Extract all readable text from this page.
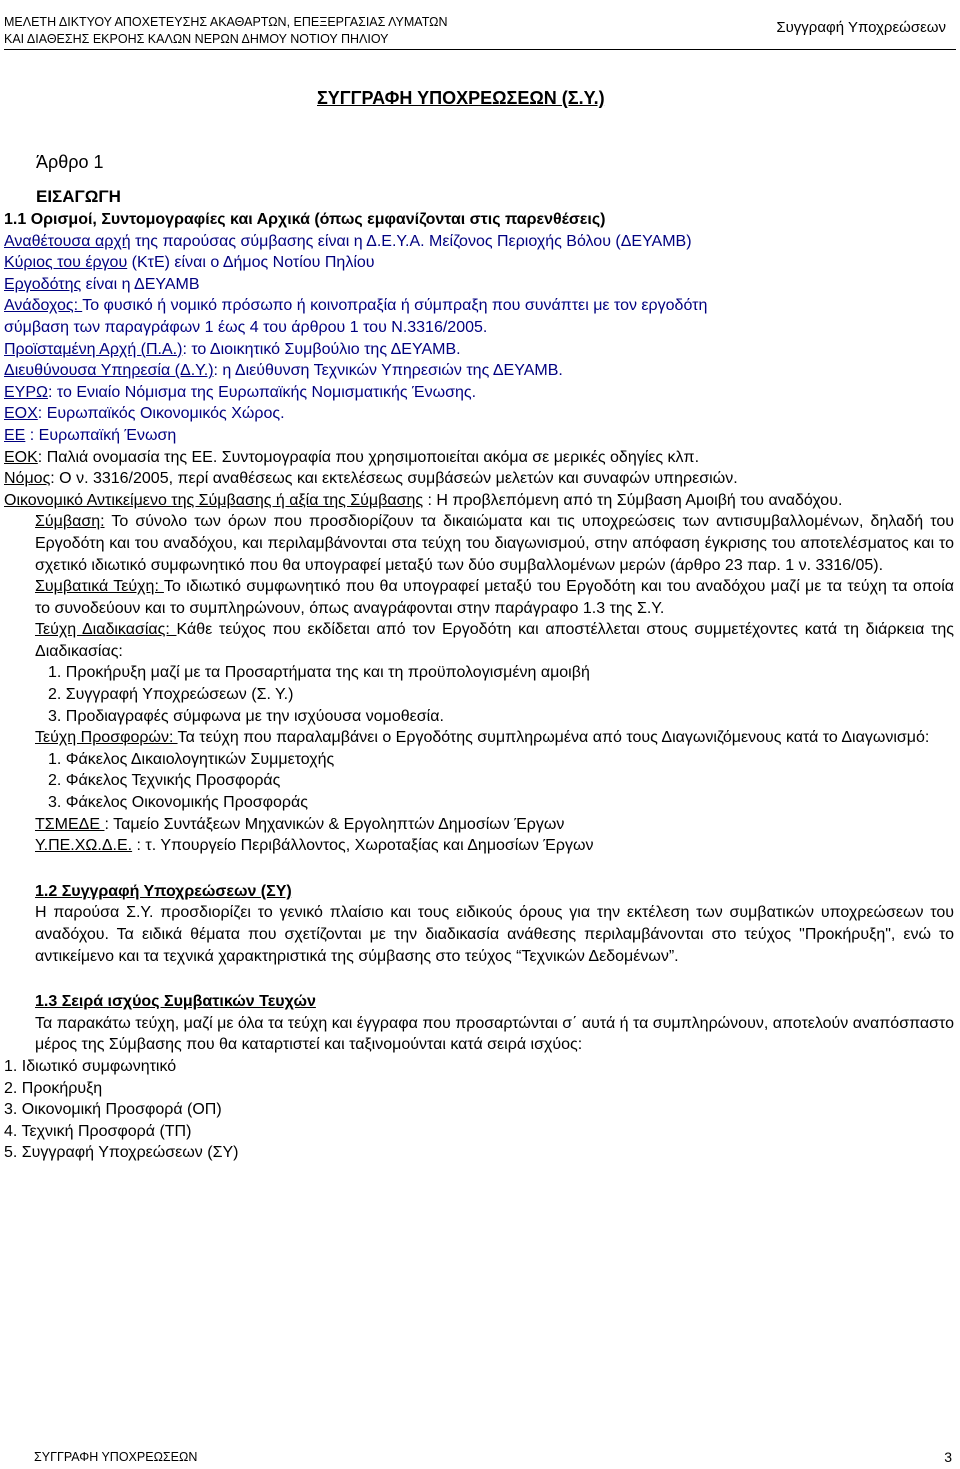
ΜΕΛΕΤΗ ΔΙΚΤΥΟΥ ΑΠΟΧΕΤΕΥΣΗΣ ΑΚΑΘΑΡΤΩΝ, ΕΠΕΞΕΡΓΑΣΙΑΣ ΛΥΜΑΤΩΝ
ΚΑΙ ΔΙΑΘΕΣΗΣ ΕΚΡΟΗΣ ΚΑΛΩΝ ΝΕΡΩΝ ΔΗΜΟΥ ΝΟΤΙΟΥ ΠΗΛΙΟΥ
Συγγραφή Υποχρεώσεων
ΣΥΓΓΡΑΦΗ ΥΠΟΧΡΕΩΣΕΩΝ (Σ.Υ.)
Άρθρο 1
ΕΙΣΑΓΩΓΗ

1.1 Ορισμοί, Συντομογραφίες και Αρχικά (όπως εμφανίζονται στις παρενθέσεις)

Αναθέτουσα αρχή της παρούσας σύμβασης είναι η Δ.Ε.Υ.Α. Μείζονος Περιοχής Βόλου (ΔΕΥΑΜΒ)

Κύριος του έργου (ΚτΕ) είναι ο Δήμος Νοτίου Πηλίου

Εργοδότης είναι η ΔΕΥΑΜΒ

Ανάδοχος: Το φυσικό ή νομικό πρόσωπο ή κοινοπραξία ή σύμπραξη που συνάπτει με τον εργοδότη
σύμβαση των παραγράφων 1 έως 4 του άρθρου 1 του Ν.3316/2005.

Προϊσταμένη Αρχή (Π.Α.): το Διοικητικό Συμβούλιο της ΔΕΥΑΜΒ.

Διευθύνουσα Υπηρεσία (Δ.Υ.): η Διεύθυνση Τεχνικών Υπηρεσιών της ΔΕΥΑΜΒ.

ΕΥΡΩ: το Ενιαίο Νόμισμα της Ευρωπαϊκής Νομισματικής Ένωσης.

ΕΟΧ: Ευρωπαϊκός Οικονομικός Χώρος.

ΕΕ : Ευρωπαϊκή Ένωση

ΕΟΚ: Παλιά ονομασία της ΕΕ. Συντομογραφία που χρησιμοποιείται ακόμα σε μερικές οδηγίες κλπ.

Νόμος: Ο ν. 3316/2005, περί αναθέσεως και εκτελέσεως συμβάσεών μελετών και συναφών υπηρεσιών.

Οικονομικό Αντικείμενο της Σύμβασης ή αξία της Σύμβασης : Η προβλεπόμενη από τη Σύμβαση Αμοιβή του αναδόχου.

Σύμβαση: Το σύνολο των όρων που προσδιορίζουν τα δικαιώματα και τις υποχρεώσεις των αντισυμβαλλομένων, δηλαδή του Εργοδότη και του αναδόχου, και περιλαμβάνονται στα τεύχη του διαγωνισμού, στην απόφαση έγκρισης του αποτελέσματος και το σχετικό ιδιωτικό συμφωνητικό που θα υπογραφεί μεταξύ των δύο συμβαλλομένων μερών (άρθρο 23 παρ. 1 ν. 3316/05).

Συμβατικά Τεύχη: Το ιδιωτικό συμφωνητικό που θα υπογραφεί μεταξύ του Εργοδότη και του αναδόχου μαζί με τα τεύχη τα οποία το συνοδεύουν και το συμπληρώνουν, όπως αναγράφονται στην παράγραφο 1.3 της Σ.Υ.

Τεύχη Διαδικασίας: Κάθε τεύχος που εκδίδεται από τον Εργοδότη και αποστέλλεται στους συμμετέχοντες κατά τη διάρκεια της Διαδικασίας:

1. Προκήρυξη μαζί με τα Προσαρτήματα της και τη προϋπολογισμένη αμοιβή

2. Συγγραφή Υποχρεώσεων (Σ. Υ.)

3. Προδιαγραφές σύμφωνα με την ισχύουσα νομοθεσία.

Τεύχη Προσφορών: Τα τεύχη που παραλαμβάνει ο Εργοδότης συμπληρωμένα από τους Διαγωνιζόμενους κατά το Διαγωνισμό:

1. Φάκελος Δικαιολογητικών Συμμετοχής

2. Φάκελος Τεχνικής Προσφοράς

3. Φάκελος Οικονομικής Προσφοράς

ΤΣΜΕΔΕ : Ταμείο Συντάξεων Μηχανικών & Εργοληπτών Δημοσίων Έργων

Υ.ΠΕ.ΧΩ.Δ.Ε. : τ. Υπουργείο Περιβάλλοντος, Χωροταξίας και Δημοσίων Έργων

1.2 Συγγραφή Υποχρεώσεων (ΣΥ)

Η παρούσα Σ.Υ. προσδιορίζει το γενικό πλαίσιο και τους ειδικούς όρους για την εκτέλεση των συμβατικών υποχρεώσεων του αναδόχου. Τα ειδικά θέματα που σχετίζονται με την διαδικασία ανάθεσης περιλαμβάνονται στο τεύχος "Προκήρυξη", ενώ το αντικείμενο και τα τεχνικά χαρακτηριστικά της σύμβασης στο τεύχος “Τεχνικών Δεδομένων”.

1.3 Σειρά ισχύος Συμβατικών Τευχών

Τα παρακάτω τεύχη, μαζί με όλα τα τεύχη και έγγραφα που προσαρτώνται σ΄ αυτά ή τα συμπληρώνουν, αποτελούν αναπόσπαστο μέρος της Σύμβασης που θα καταρτιστεί και ταξινομούνται κατά σειρά ισχύος:

1. Ιδιωτικό συμφωνητικό

2. Προκήρυξη

3. Οικονομική Προσφορά (ΟΠ)

4. Τεχνική Προσφορά (ΤΠ)

5. Συγγραφή Υποχρεώσεων (ΣΥ)

ΣΥΓΓΡΑΦΗ ΥΠΟΧΡΕΩΣΕΩΝ	3
